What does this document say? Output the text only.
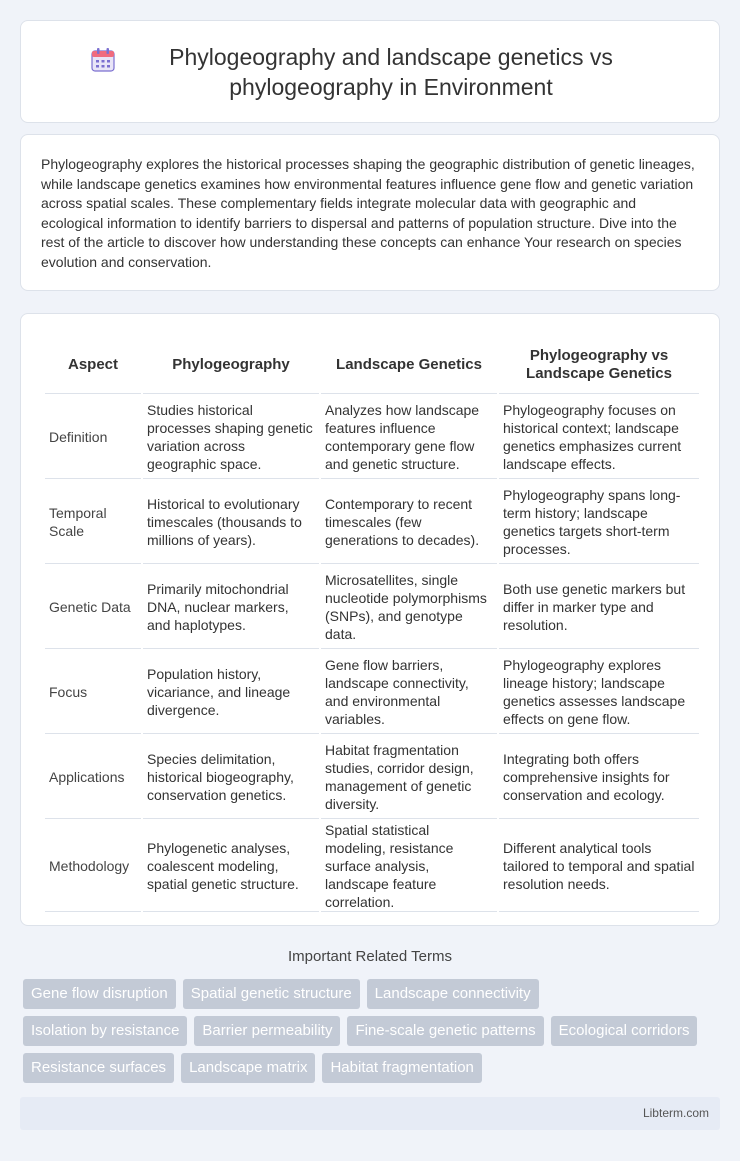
Phylogeography and landscape genetics vs phylogeography in Environment

Phylogeography explores the historical processes shaping the geographic distribution of genetic lineages, while landscape genetics examines how environmental features influence gene flow and genetic variation across spatial scales. These complementary fields integrate molecular data with geographic and ecological information to identify barriers to dispersal and patterns of population structure. Dive into the rest of the article to discover how understanding these concepts can enhance Your research on species evolution and conservation.

Aspect	Phylogeography	Landscape Genetics	Phylogeography vs Landscape Genetics
Definition	Studies historical processes shaping genetic variation across geographic space.	Analyzes how landscape features influence contemporary gene flow and genetic structure.	Phylogeography focuses on historical context; landscape genetics emphasizes current landscape effects.
Temporal Scale	Historical to evolutionary timescales (thousands to millions of years).	Contemporary to recent timescales (few generations to decades).	Phylogeography spans long-term history; landscape genetics targets short-term processes.
Genetic Data	Primarily mitochondrial DNA, nuclear markers, and haplotypes.	Microsatellites, single nucleotide polymorphisms (SNPs), and genotype data.	Both use genetic markers but differ in marker type and resolution.
Focus	Population history, vicariance, and lineage divergence.	Gene flow barriers, landscape connectivity, and environmental variables.	Phylogeography explores lineage history; landscape genetics assesses landscape effects on gene flow.
Applications	Species delimitation, historical biogeography, conservation genetics.	Habitat fragmentation studies, corridor design, management of genetic diversity.	Integrating both offers comprehensive insights for conservation and ecology.
Methodology	Phylogenetic analyses, coalescent modeling, spatial genetic structure.	Spatial statistical modeling, resistance surface analysis, landscape feature correlation.	Different analytical tools tailored to temporal and spatial resolution needs.
Important Related Terms
Gene flow disruption	Spatial genetic structure	Landscape connectivity
Isolation by resistance	Barrier permeability	Fine-scale genetic patterns	Ecological corridors
Resistance surfaces	Landscape matrix	Habitat fragmentation
Libterm.com
